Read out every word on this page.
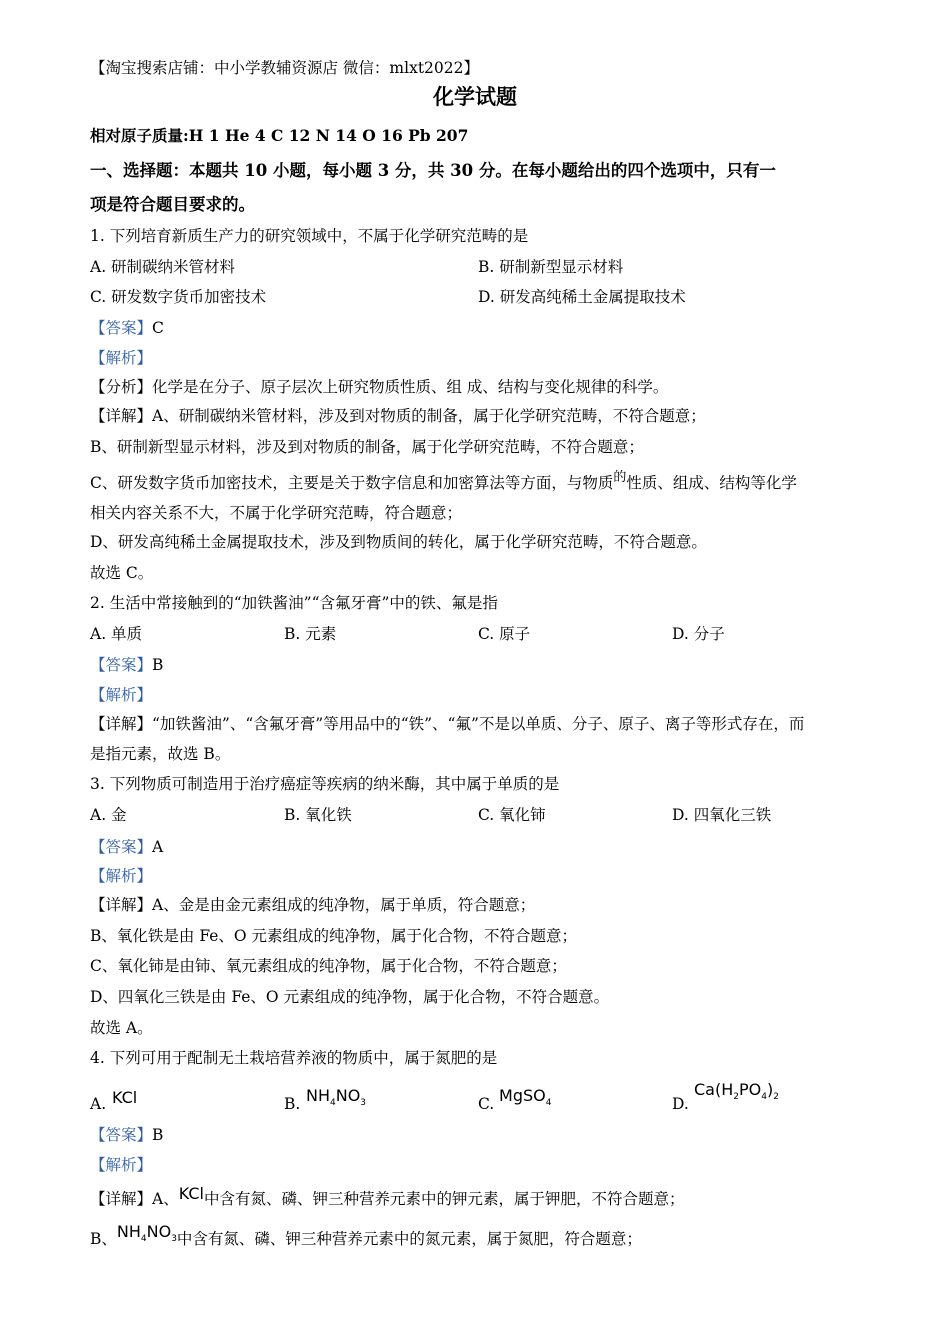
【淘宝搜索店铺：中小学教辅资源店 微信：mlxt2022】
化学试题
相对原子质量:H 1 He 4 C 12 N 14 O 16 Pb 207
一、选择题：本题共 10 小题，每小题 3 分，共 30 分。在每小题给出的四个选项中，只有一
项是符合题目要求的。
1. 下列培育新质生产力的研究领域中，不属于化学研究范畴的是
A. 研制碳纳米管材料	B. 研制新型显示材料
C. 研发数字货币加密技术	D. 研发高纯稀土金属提取技术
【答案】C
【解析】
【分析】化学是在分子、原子层次上研究物质性质、组 成、结构与变化规律的科学。
【详解】A、研制碳纳米管材料，涉及到对物质的制备，属于化学研究范畴，不符合题意；
B、研制新型显示材料，涉及到对物质的制备，属于化学研究范畴，不符合题意；
C、研发数字货币加密技术，主要是关于数字信息和加密算法等方面，与物质$^的$性质、组成、结构等化学
相关内容关系不大，不属于化学研究范畴，符合题意；
D、研发高纯稀土金属提取技术，涉及到物质间的转化，属于化学研究范畴，不符合题意。
故选 C。
2. 生活中常接触到的“加铁酱油”“含氟牙膏”中的铁、氟是指
A. 单质	B. 元素	C. 原子	D. 分子
【答案】B
【解析】
【详解】“加铁酱油”、“含氟牙膏”等用品中的“铁”、“氟”不是以单质、分子、原子、离子等形式存在，而
是指元素，故选 B。
3. 下列物质可制造用于治疗癌症等疾病的纳米酶，其中属于单质的是
A. 金	B. 氧化铁	C. 氧化铈	D. 四氧化三铁
【答案】A
【解析】
【详解】A、金是由金元素组成的纯净物，属于单质，符合题意；
B、氧化铁是由 Fe、O 元素组成的纯净物，属于化合物，不符合题意；
C、氧化铈是由铈、氧元素组成的纯净物，属于化合物，不符合题意；
D、四氧化三铁是由 Fe、O 元素组成的纯净物，属于化合物，不符合题意。
故选 A。
4. 下列可用于配制无土栽培营养液的物质中，属于氮肥的是
A. KCl	B. $NH_4NO_3$	C. MgSO$_4$	D.
$Ca(H_2PO_4)_2$
【答案】B
【解析】
【详解】A、KCl中含有氮、磷、钾三种营养元素中的钾元素，属于钾肥，不符合题意；
B、$NH_4NO_3$中含有氮、磷、钾三种营养元素中的氮元素，属于氮肥，符合题意；
